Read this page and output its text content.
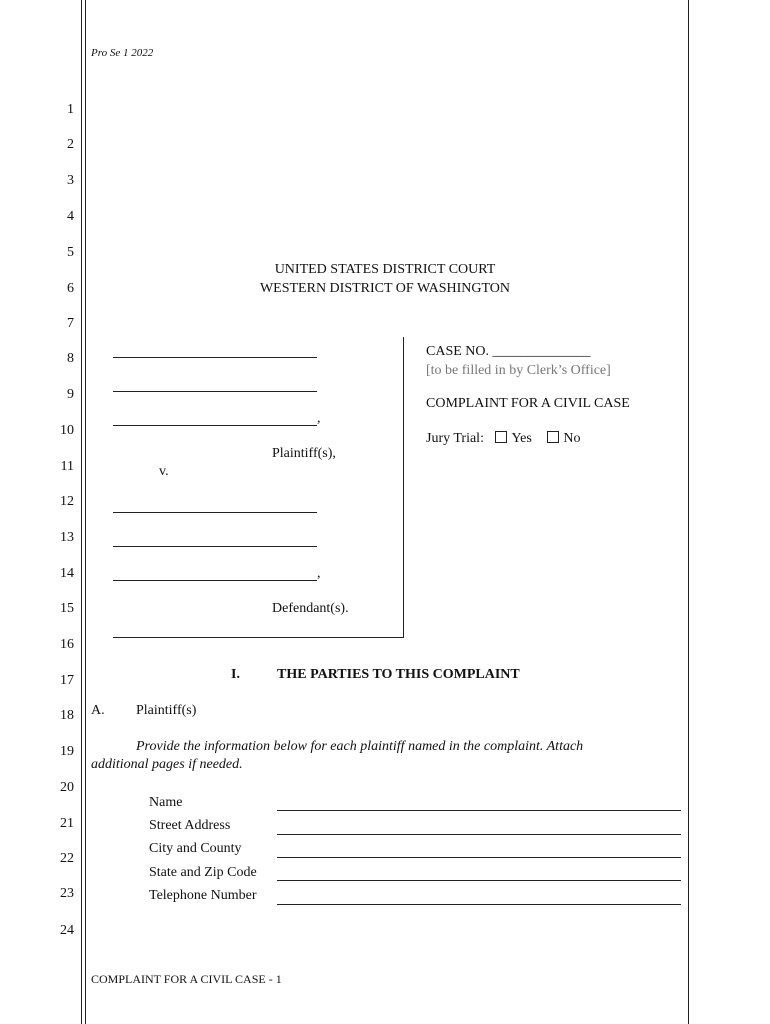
Pro Se 1 2022
1
2
3
4
5
6
7
8
9
10
11
12
13
14
15
16
17
18
19
20
21
22
23
24
UNITED STATES DISTRICT COURT
WESTERN DISTRICT OF WASHINGTON
,
Plaintiff(s),
v.
,
Defendant(s).
CASE NO. ______________
[to be filled in by Clerk’s Office]
COMPLAINT FOR A CIVIL CASE
Jury Trial: Yes No
I.	THE PARTIES TO THIS COMPLAINT
A. Plaintiff(s)
Provide the information below for each plaintiff named in the complaint. Attach
additional pages if needed.
Name
Street Address
City and County
State and Zip Code
Telephone Number
COMPLAINT FOR A CIVIL CASE - 1
